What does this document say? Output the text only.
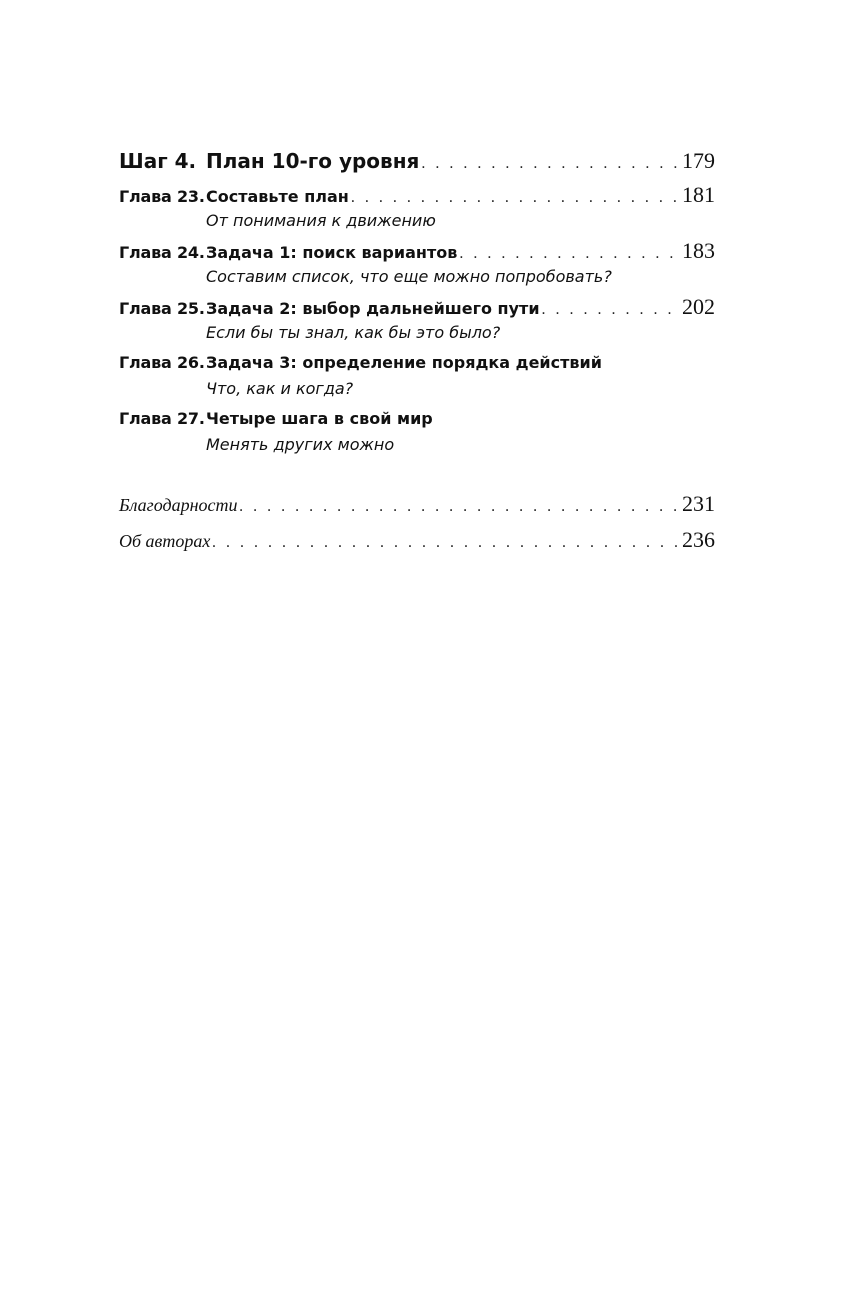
Шаг 4. План 10-го уровня . . .	179
Глава 23. Составьте план . . .	181
От понимания к движению
Глава 24. Задача 1: поиск вариантов . . .	183
Составим список, что еще можно попробовать?
Глава 25. Задача 2: выбор дальнейшего пути . . .	202
Если бы ты знал, как бы это было?
Глава 26. Задача 3: определение порядка действий
Что, как и когда?
Глава 27. Четыре шага в свой мир
Менять других можно
Благодарности . . .	231
Об авторах . . .	236
